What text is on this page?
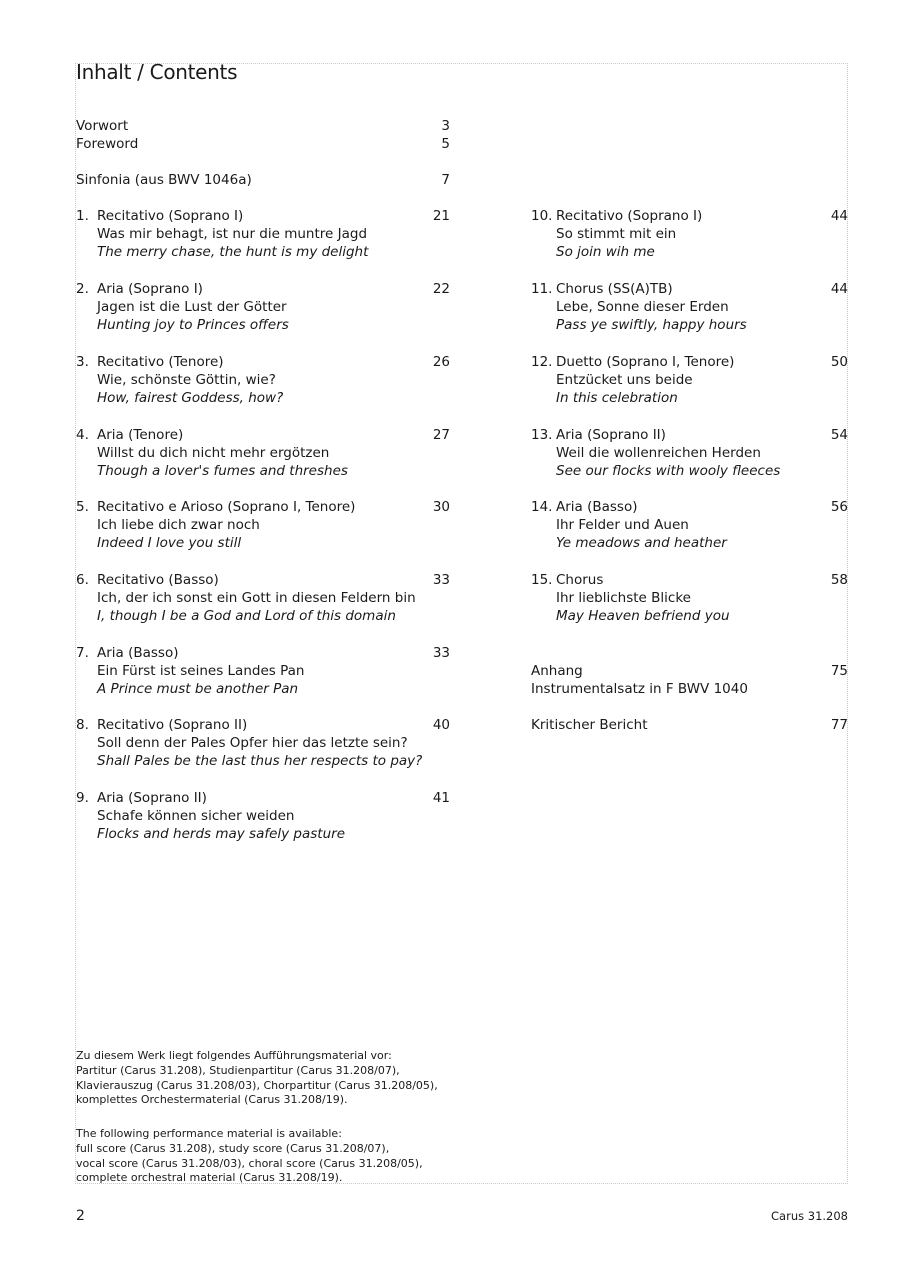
Inhalt / Contents
Vorwort	3
Foreword	5
Sinfonia (aus BWV 1046a)	7
1. Recitativo (Soprano I)	21
Was mir behagt, ist nur die muntre Jagd
The merry chase, the hunt is my delight
2. Aria (Soprano I)	22
Jagen ist die Lust der Götter
Hunting joy to Princes offers
3. Recitativo (Tenore)	26
Wie, schönste Göttin, wie?
How, fairest Goddess, how?
4. Aria (Tenore)	27
Willst du dich nicht mehr ergötzen
Though a lover's fumes and threshes
5. Recitativo e Arioso (Soprano I, Tenore)	30
Ich liebe dich zwar noch
Indeed I love you still
6. Recitativo (Basso)	33
Ich, der ich sonst ein Gott in diesen Feldern bin
I, though I be a God and Lord of this domain
7. Aria (Basso)	33
Ein Fürst ist seines Landes Pan
A Prince must be another Pan
8. Recitativo (Soprano II)	40
Soll denn der Pales Opfer hier das letzte sein?
Shall Pales be the last thus her respects to pay?
9. Aria (Soprano II)	41
Schafe können sicher weiden
Flocks and herds may safely pasture
10. Recitativo (Soprano I)	44
So stimmt mit ein
So join wih me
11. Chorus (SS(A)TB)	44
Lebe, Sonne dieser Erden
Pass ye swiftly, happy hours
12. Duetto (Soprano I, Tenore)	50
Entzücket uns beide
In this celebration
13. Aria (Soprano II)	54
Weil die wollenreichen Herden
See our flocks with wooly fleeces
14. Aria (Basso)	56
Ihr Felder und Auen
Ye meadows and heather
15. Chorus	58
Ihr lieblichste Blicke
May Heaven befriend you
Anhang	75
Instrumentalsatz in F BWV 1040
Kritischer Bericht	77
Zu diesem Werk liegt folgendes Aufführungsmaterial vor:
Partitur (Carus 31.208), Studienpartitur (Carus 31.208/07),
Klavierauszug (Carus 31.208/03), Chorpartitur (Carus 31.208/05),
komplettes Orchestermaterial (Carus 31.208/19).
The following performance material is available:
full score (Carus 31.208), study score (Carus 31.208/07),
vocal score (Carus 31.208/03), choral score (Carus 31.208/05),
complete orchestral material (Carus 31.208/19).
2	Carus 31.208
